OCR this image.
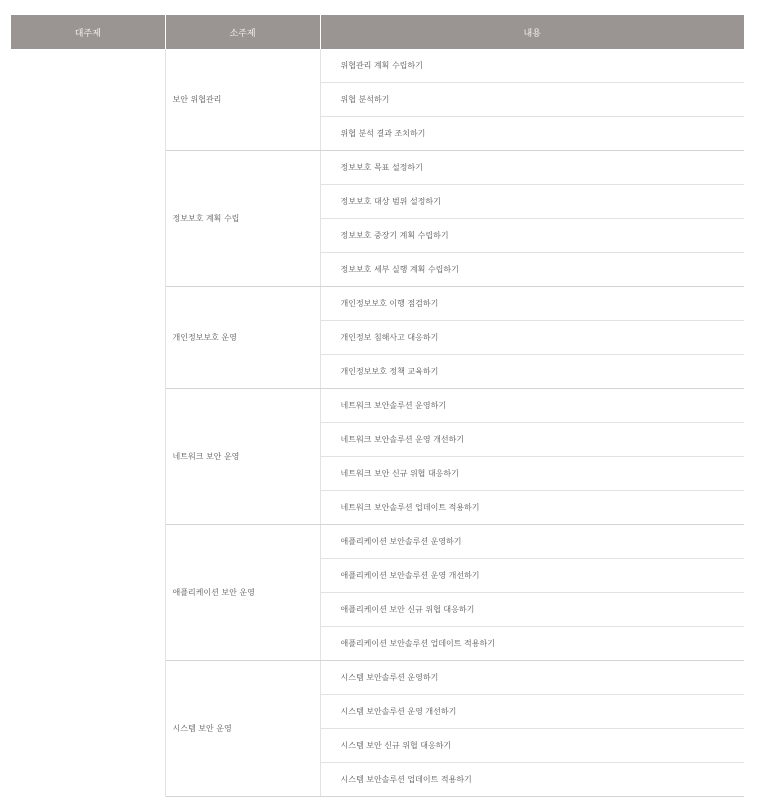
대주제	소주제	내용
	보안 위협관리	위협관리 계획 수립하기
		위협 분석하기
		위협 분석 결과 조치하기
	정보보호 계획 수립	정보보호 목표 설정하기
		정보보호 대상 범위 설정하기
		정보보호 중장기 계획 수립하기
		정보보호 세부 실행 계획 수립하기
	개인정보보호 운영	개인정보보호 이행 점검하기
		개인정보 침해사고 대응하기
		개인정보보호 정책 교육하기
	네트워크 보안 운영	네트워크 보안솔루션 운영하기
		네트워크 보안솔루션 운영 개선하기
		네트워크 보안 신규 위협 대응하기
		네트워크 보안솔루션 업데이트 적용하기
	애플리케이션 보안 운영	애플리케이션 보안솔루션 운영하기
		애플리케이션 보안솔루션 운영 개선하기
		애플리케이션 보안 신규 위협 대응하기
		애플리케이션 보안솔루션 업데이트 적용하기
	시스템 보안 운영	시스템 보안솔루션 운영하기
		시스템 보안솔루션 운영 개선하기
		시스템 보안 신규 위협 대응하기
		시스템 보안솔루션 업데이트 적용하기
